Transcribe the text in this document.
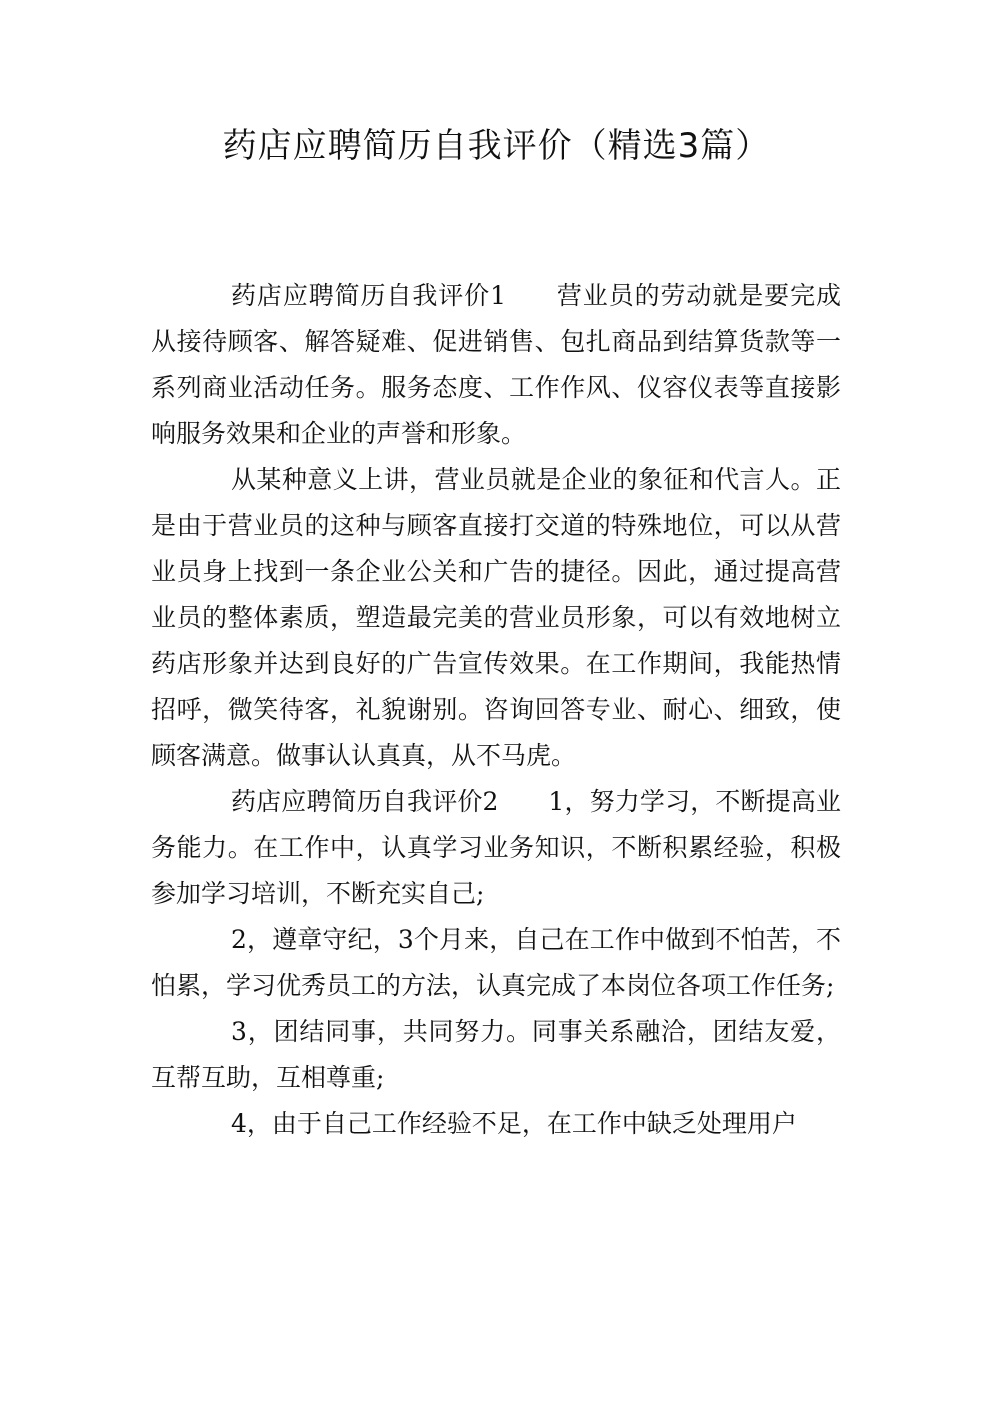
药店应聘简历自我评价（精选3篇）

药店应聘简历自我评价1 营业员的劳动就是要完成从接待顾客、解答疑难、促进销售、包扎商品到结算货款等一系列商业活动任务。服务态度、工作作风、仪容仪表等直接影响服务效果和企业的声誉和形象。

从某种意义上讲，营业员就是企业的象征和代言人。正是由于营业员的这种与顾客直接打交道的特殊地位，可以从营业员身上找到一条企业公关和广告的捷径。因此，通过提高营业员的整体素质，塑造最完美的营业员形象，可以有效地树立药店形象并达到良好的广告宣传效果。在工作期间，我能热情招呼，微笑待客，礼貌谢别。咨询回答专业、耐心、细致，使顾客满意。做事认认真真，从不马虎。

药店应聘简历自我评价2 1，努力学习，不断提高业务能力。在工作中，认真学习业务知识，不断积累经验，积极参加学习培训，不断充实自己;

2，遵章守纪，3个月来，自己在工作中做到不怕苦，不怕累，学习优秀员工的方法，认真完成了本岗位各项工作任务;

3，团结同事，共同努力。同事关系融洽，团结友爱，互帮互助，互相尊重;

4，由于自己工作经验不足，在工作中缺乏处理用户
